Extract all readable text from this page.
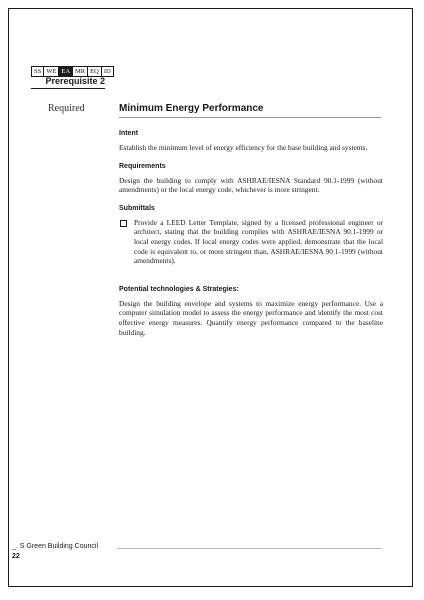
SS WE EA MR EQ ID
Prerequisite 2
Required	Minimum Energy Performance

Intent

Establish the minimum level of energy efficiency for the base building and systems.

Requirements

Design the building to comply with ASHRAE/IESNA Standard 90.1-1999 (without amendments) or the local energy code, whichever is more stringent.

Submittals

Provide a LEED Letter Template, signed by a licensed professional engineer or architect, stating that the building complies with ASHRAE/IESNA 90.1-1999 or local energy codes. If local energy codes were applied, demonstrate that the local code is equivalent to, or more stringent than, ASHRAE/IESNA 90.1-1999 (without amendments).

Potential technologies & Strategies:

Design the building envelope and systems to maximize energy performance. Use a computer simulation model to assess the energy performance and identify the most cost effective energy measures. Quantify energy performance compared to the baseline building.

_. S Green Building Council
22
